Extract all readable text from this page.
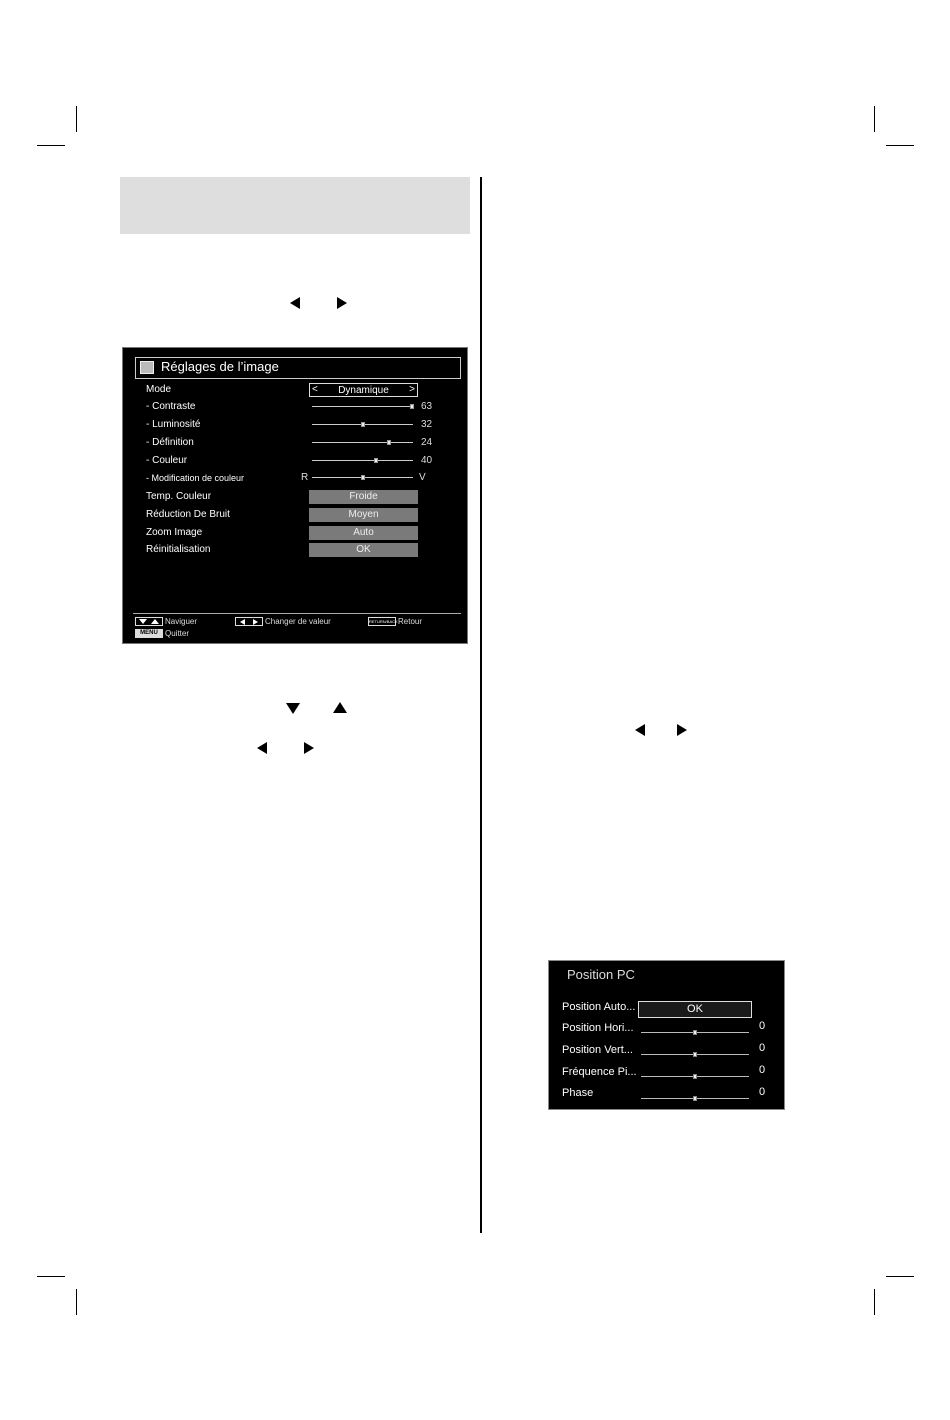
Réglages de l’image
Mode	< Dynamique >
- Contraste	63
- Luminosité	32
- Définition	24
- Couleur	40
- Modification de couleur	R	V
Temp. Couleur	Froide
Réduction De Bruit	Moyen
Zoom Image	Auto
Réinitialisation	OK
Naviguer	Changer de valeur	RETURN/BACK Retour
MENU Quitter
Position PC
Position Auto...	OK
Position Hori...	0
Position Vert...	0
Fréquence Pi...	0
Phase	0
